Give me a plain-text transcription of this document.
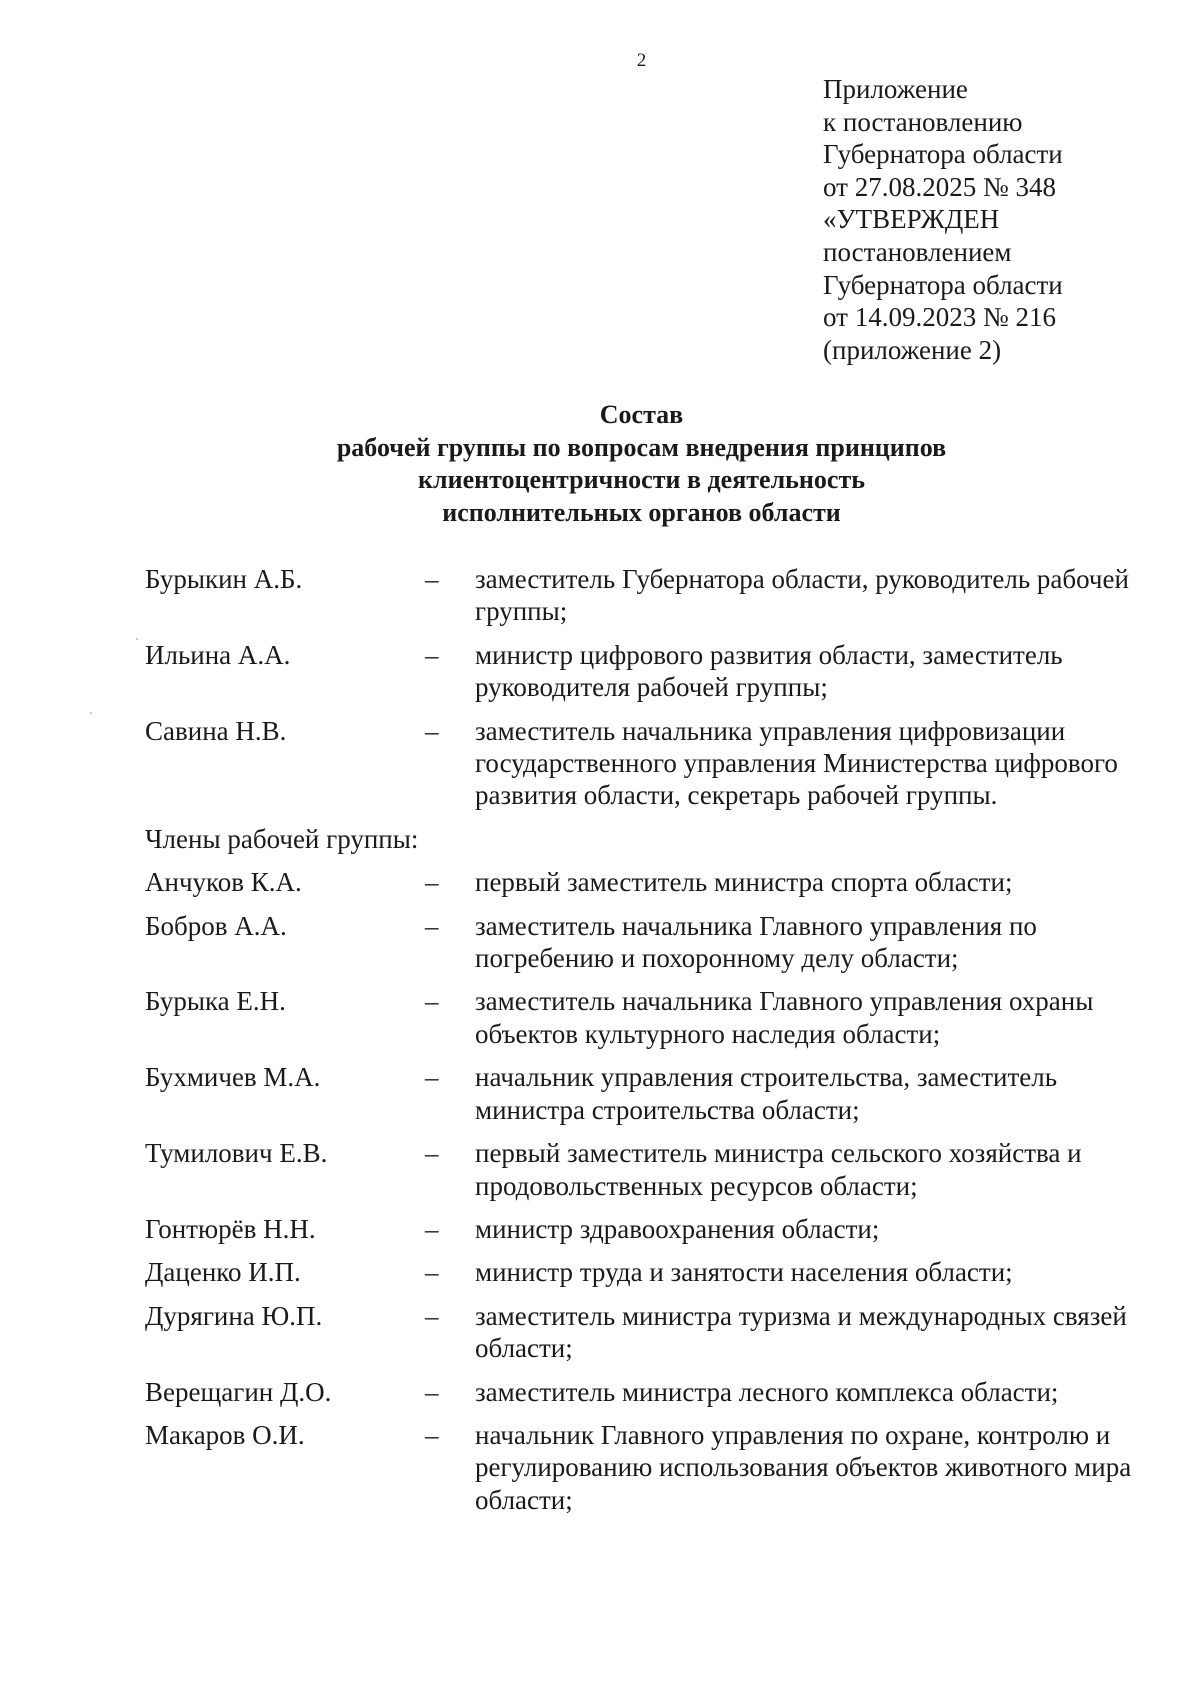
2
Приложение
к постановлению
Губернатора области
от 27.08.2025 № 348
«УТВЕРЖДЕН
постановлением
Губернатора области
от 14.09.2023 № 216
(приложение 2)
Состав
рабочей группы по вопросам внедрения принципов
клиентоцентричности в деятельность
исполнительных органов области
Бурыкин А.Б.	–	заместитель Губернатора области, руководитель рабочей группы;
Ильина А.А.	–	министр цифрового развития области, заместитель руководителя рабочей группы;
Савина Н.В.	–	заместитель начальника управления цифровизации государственного управления Министерства цифрового развития области, секретарь рабочей группы.
Члены рабочей группы:
Анчуков К.А.	–	первый заместитель министра спорта области;
Бобров А.А.	–	заместитель начальника Главного управления по погребению и похоронному делу области;
Бурыка Е.Н.	–	заместитель начальника Главного управления охраны объектов культурного наследия области;
Бухмичев М.А.	–	начальник управления строительства, заместитель министра строительства области;
Тумилович Е.В.	–	первый заместитель министра сельского хозяйства и продовольственных ресурсов области;
Гонтюрёв Н.Н.	–	министр здравоохранения области;
Даценко И.П.	–	министр труда и занятости населения области;
Дурягина Ю.П.	–	заместитель министра туризма и международных связей области;
Верещагин Д.О.	–	заместитель министра лесного комплекса области;
Макаров О.И.	–	начальник Главного управления по охране, контролю и регулированию использования объектов животного мира области;
